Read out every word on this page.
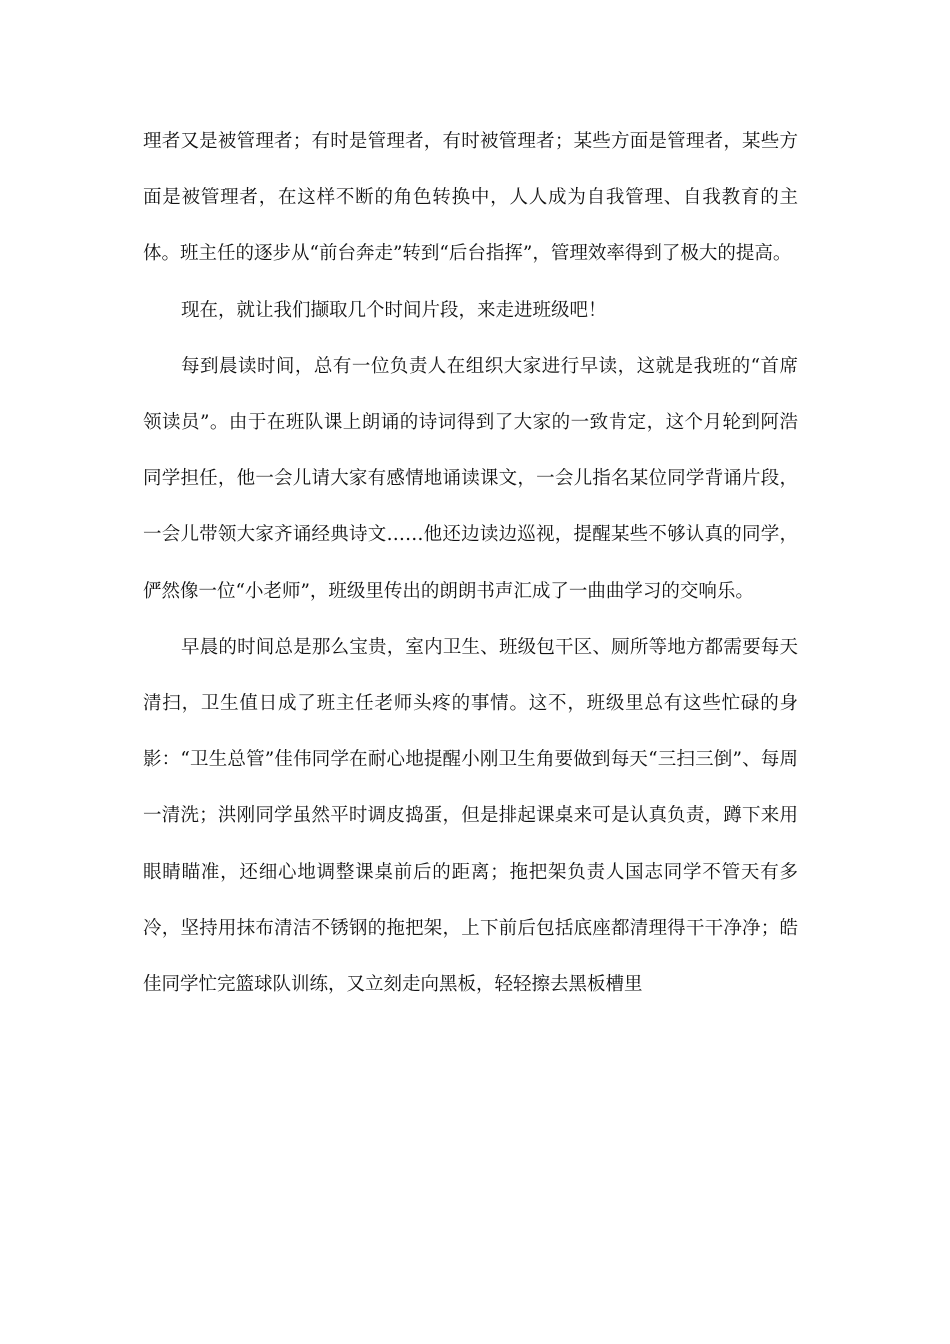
理者又是被管理者；有时是管理者，有时被管理者；某些方面是管理者，某些方面是被管理者，在这样不断的角色转换中，人人成为自我管理、自我教育的主体。班主任的逐步从“前台奔走”转到“后台指挥”，管理效率得到了极大的提高。

现在，就让我们撷取几个时间片段，来走进班级吧！

每到晨读时间，总有一位负责人在组织大家进行早读，这就是我班的“首席领读员”。由于在班队课上朗诵的诗词得到了大家的一致肯定，这个月轮到阿浩同学担任，他一会儿请大家有感情地诵读课文，一会儿指名某位同学背诵片段，一会儿带领大家齐诵经典诗文……他还边读边巡视，提醒某些不够认真的同学，俨然像一位“小老师”，班级里传出的朗朗书声汇成了一曲曲学习的交响乐。

早晨的时间总是那么宝贵，室内卫生、班级包干区、厕所等地方都需要每天清扫，卫生值日成了班主任老师头疼的事情。这不，班级里总有这些忙碌的身影：“卫生总管”佳伟同学在耐心地提醒小刚卫生角要做到每天“三扫三倒”、每周一清洗；洪刚同学虽然平时调皮捣蛋，但是排起课桌来可是认真负责，蹲下来用眼睛瞄准，还细心地调整课桌前后的距离；拖把架负责人国志同学不管天有多冷，坚持用抹布清洁不锈钢的拖把架，上下前后包括底座都清理得干干净净；皓佳同学忙完篮球队训练，又立刻走向黑板，轻轻擦去黑板槽里
